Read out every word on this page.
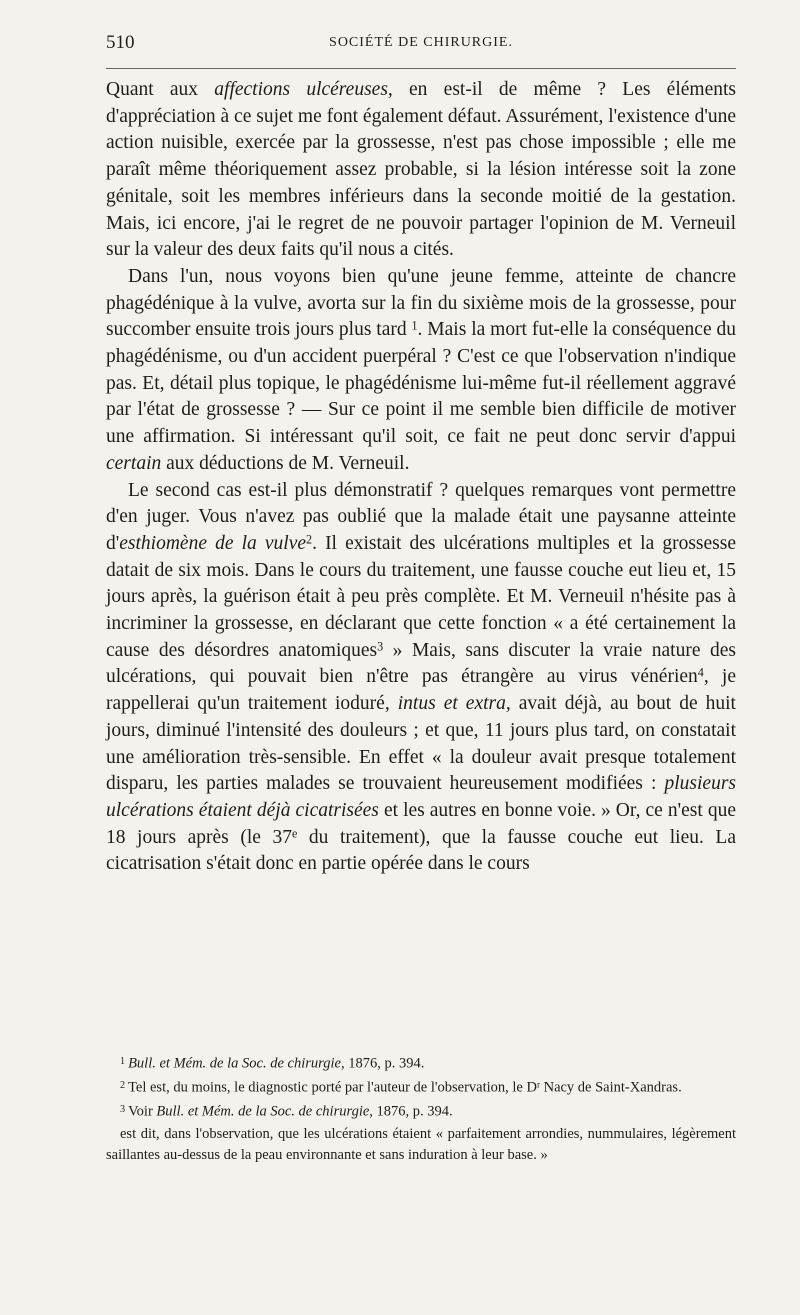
510	SOCIÉTÉ DE CHIRURGIE.

Quant aux affections ulcéreuses, en est-il de même ? Les éléments d'appréciation à ce sujet me font également défaut. Assurément, l'existence d'une action nuisible, exercée par la grossesse, n'est pas chose impossible ; elle me paraît même théoriquement assez probable, si la lésion intéresse soit la zone génitale, soit les membres inférieurs dans la seconde moitié de la gestation. Mais, ici encore, j'ai le regret de ne pouvoir partager l'opinion de M. Verneuil sur la valeur des deux faits qu'il nous a cités.

Dans l'un, nous voyons bien qu'une jeune femme, atteinte de chancre phagédénique à la vulve, avorta sur la fin du sixième mois de la grossesse, pour succomber ensuite trois jours plus tard $^1$. Mais la mort fut-elle la conséquence du phagédénisme, ou d'un accident puerpéral ? C'est ce que l'observation n'indique pas. Et, détail plus topique, le phagédénisme lui-même fut-il réellement aggravé par l'état de grossesse ? — Sur ce point il me semble bien difficile de motiver une affirmation. Si intéressant qu'il soit, ce fait ne peut donc servir d'appui certain aux déductions de M. Verneuil.

Le second cas est-il plus démonstratif ? quelques remarques vont permettre d'en juger. Vous n'avez pas oublié que la malade était une paysanne atteinte d'esthiomène de la vulve$^2$. Il existait des ulcérations multiples et la grossesse datait de six mois. Dans le cours du traitement, une fausse couche eut lieu et, 15 jours après, la guérison était à peu près complète. Et M. Verneuil n'hésite pas à incriminer la grossesse, en déclarant que cette fonction « a été certainement la cause des désordres anatomiques$^3$ » Mais, sans discuter la vraie nature des ulcérations, qui pouvait bien n'être pas étrangère au virus vénérien$^4$, je rappellerai qu'un traitement ioduré, intus et extra, avait déjà, au bout de huit jours, diminué l'intensité des douleurs ; et que, 11 jours plus tard, on constatait une amélioration très-sensible. En effet « la douleur avait presque totalement disparu, les parties malades se trouvaient heureusement modifiées : plusieurs ulcérations étaient déjà cicatrisées et les autres en bonne voie. » Or, ce n'est que 18 jours après (le 37e du traitement), que la fausse couche eut lieu. La cicatrisation s'était donc en partie opérée dans le cours

$^1$ Bull. et Mém. de la Soc. de chirurgie, 1876, p. 394.

$^2$ Tel est, du moins, le diagnostic porté par l'auteur de l'observation, le $D^r$ Nacy de Saint-Xandras.

$^3$ Voir Bull. et Mém. de la Soc. de chirurgie, 1876, p. 394.

est dit, dans l'observation, que les ulcérations étaient « parfaitement arrondies, nummulaires, légèrement saillantes au-dessus de la peau environnante et sans induration à leur base. »
